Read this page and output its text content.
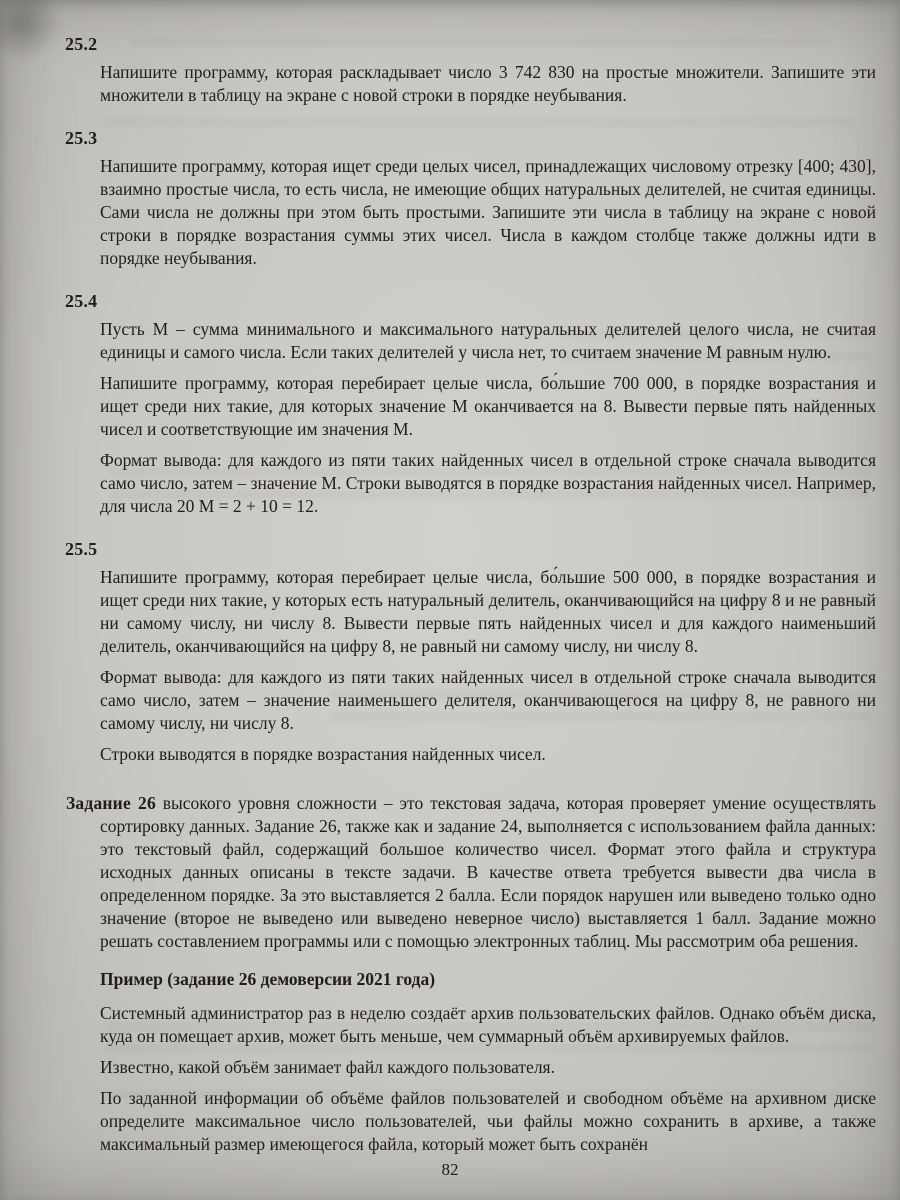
25.2

Напишите программу, которая раскладывает число 3 742 830 на простые множители. Запишите эти множители в таблицу на экране с новой строки в порядке неубывания.

25.3

Напишите программу, которая ищет среди целых чисел, принадлежащих числовому отрезку [400; 430], взаимно простые числа, то есть числа, не имеющие общих натуральных делителей, не считая единицы. Сами числа не должны при этом быть простыми. Запишите эти числа в таблицу на экране с новой строки в порядке возрастания суммы этих чисел. Числа в каждом столбце также должны идти в порядке неубывания.

25.4

Пусть M – сумма минимального и максимального натуральных делителей целого числа, не считая единицы и самого числа. Если таких делителей у числа нет, то считаем значение M равным нулю.

Напишите программу, которая перебирает целые числа, бо́льшие 700 000, в порядке возрастания и ищет среди них такие, для которых значение M оканчивается на 8. Вывести первые пять найденных чисел и соответствующие им значения M.

Формат вывода: для каждого из пяти таких найденных чисел в отдельной строке сначала выводится само число, затем – значение M. Строки выводятся в порядке возрастания найденных чисел. Например, для числа 20 M = 2 + 10 = 12.

25.5

Напишите программу, которая перебирает целые числа, бо́льшие 500 000, в порядке возрастания и ищет среди них такие, у которых есть натуральный делитель, оканчивающийся на цифру 8 и не равный ни самому числу, ни числу 8. Вывести первые пять найденных чисел и для каждого наименьший делитель, оканчивающийся на цифру 8, не равный ни самому числу, ни числу 8.

Формат вывода: для каждого из пяти таких найденных чисел в отдельной строке сначала выводится само число, затем – значение наименьшего делителя, оканчивающегося на цифру 8, не равного ни самому числу, ни числу 8.

Строки выводятся в порядке возрастания найденных чисел.

Задание 26 высокого уровня сложности – это текстовая задача, которая проверяет умение осуществлять сортировку данных. Задание 26, также как и задание 24, выполняется с использованием файла данных: это текстовый файл, содержащий большое количество чисел. Формат этого файла и структура исходных данных описаны в тексте задачи. В качестве ответа требуется вывести два числа в определенном порядке. За это выставляется 2 балла. Если порядок нарушен или выведено только одно значение (второе не выведено или выведено неверное число) выставляется 1 балл. Задание можно решать составлением программы или с помощью электронных таблиц. Мы рассмотрим оба решения.

Пример (задание 26 демоверсии 2021 года)

Системный администратор раз в неделю создаёт архив пользовательских файлов. Однако объём диска, куда он помещает архив, может быть меньше, чем суммарный объём архивируемых файлов.

Известно, какой объём занимает файл каждого пользователя.

По заданной информации об объёме файлов пользователей и свободном объёме на архивном диске определите максимальное число пользователей, чьи файлы можно сохранить в архиве, а также максимальный размер имеющегося файла, который может быть сохранён

82
